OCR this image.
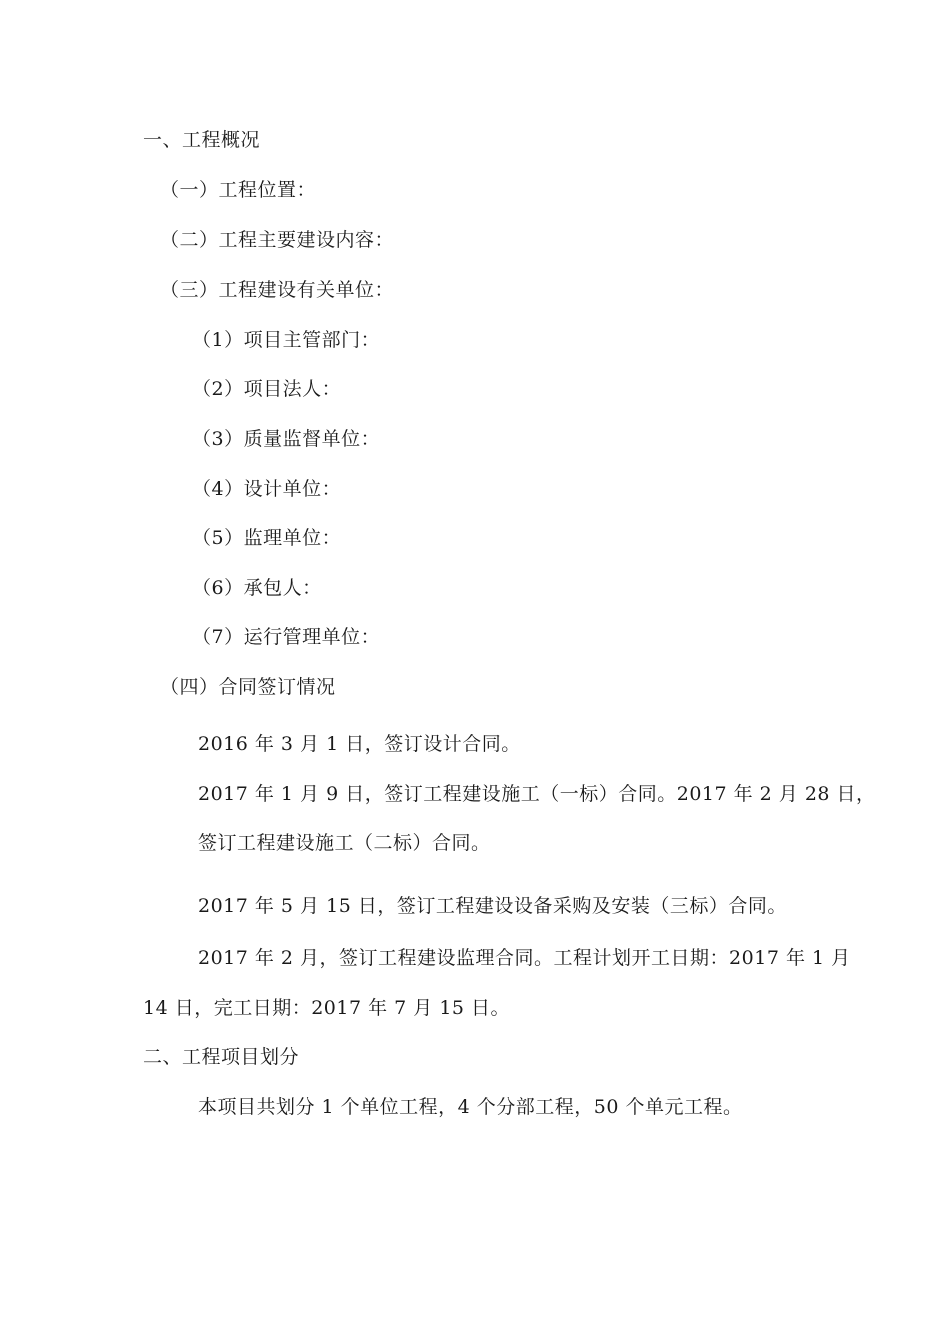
一、工程概况
（一）工程位置：
（二）工程主要建设内容：
（三）工程建设有关单位：
（1）项目主管部门：
（2）项目法人：
（3）质量监督单位：
（4）设计单位：
（5）监理单位：
（6）承包人：
（7）运行管理单位：
（四）合同签订情况
2016 年 3 月 1 日，签订设计合同。
2017 年 1 月 9 日，签订工程建设施工（一标）合同。2017 年 2 月 28 日，
签订工程建设施工（二标）合同。
2017 年 5 月 15 日，签订工程建设设备采购及安装（三标）合同。
2017 年 2 月，签订工程建设监理合同。工程计划开工日期：2017 年 1 月
14 日，完工日期：2017 年 7 月 15 日。
二、工程项目划分
本项目共划分 1 个单位工程，4 个分部工程，50 个单元工程。
